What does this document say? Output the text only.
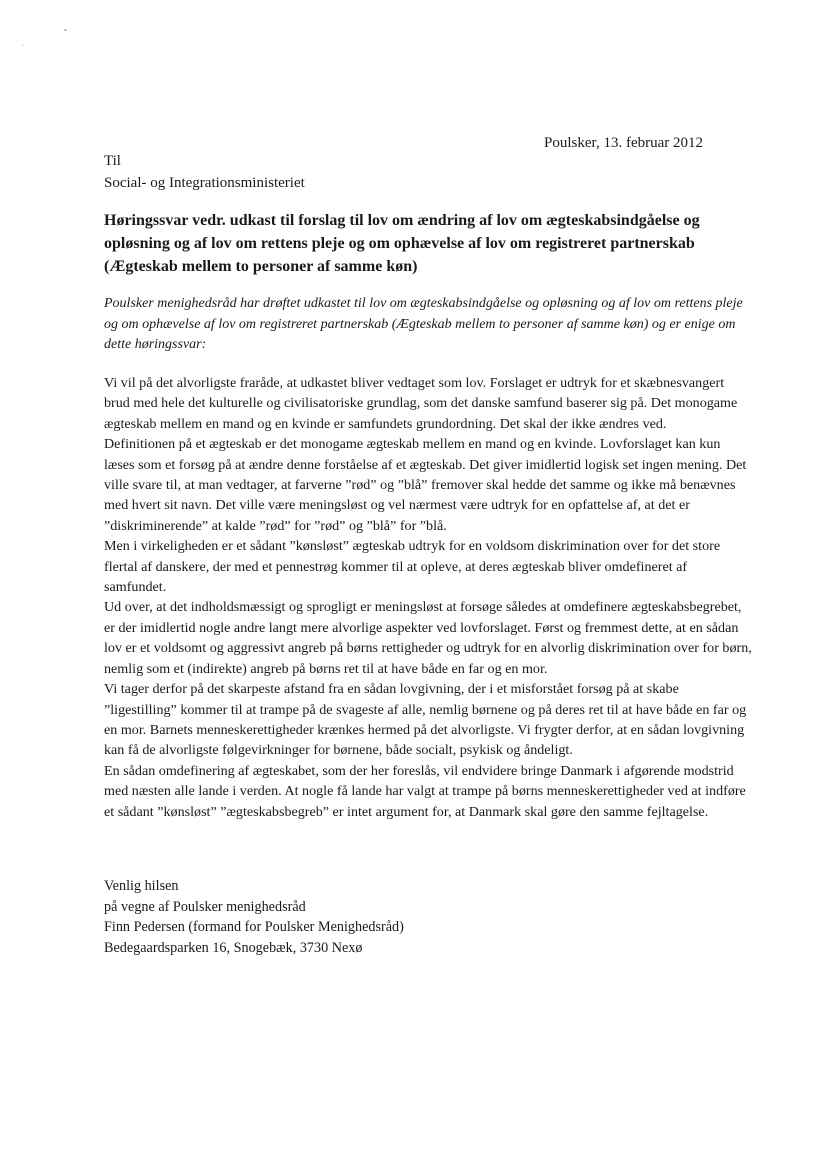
•
ᵕ
Poulsker, 13. februar 2012
Til
Social- og Integrationsministeriet
Høringssvar vedr. udkast til forslag til lov om ændring af lov om ægteskabsindgåelse og opløsning og af lov om rettens pleje og om ophævelse af lov om registreret partnerskab (Ægteskab mellem to personer af samme køn)
Poulsker menighedsråd har drøftet udkastet til lov om ægteskabsindgåelse og opløsning og af lov om rettens pleje og om ophævelse af lov om registreret partnerskab (Ægteskab mellem to personer af samme køn) og er enige om dette høringssvar:

Vi vil på det alvorligste fraråde, at udkastet bliver vedtaget som lov. Forslaget er udtryk for et skæbnesvangert brud med hele det kulturelle og civilisatoriske grundlag, som det danske samfund baserer sig på. Det monogame ægteskab mellem en mand og en kvinde er samfundets grundordning. Det skal der ikke ændres ved.

Definitionen på et ægteskab er det monogame ægteskab mellem en mand og en kvinde. Lovforslaget kan kun læses som et forsøg på at ændre denne forståelse af et ægteskab. Det giver imidlertid logisk set ingen mening. Det ville svare til, at man vedtager, at farverne ”rød” og ”blå” fremover skal hedde det samme og ikke må benævnes med hvert sit navn. Det ville være meningsløst og vel nærmest være udtryk for en opfattelse af, at det er ”diskriminerende” at kalde ”rød” for ”rød” og ”blå” for ”blå.

Men i virkeligheden er et sådant ”kønsløst” ægteskab udtryk for en voldsom diskrimination over for det store flertal af danskere, der med et pennestrøg kommer til at opleve, at deres ægteskab bliver omdefineret af samfundet.

Ud over, at det indholdsmæssigt og sprogligt er meningsløst at forsøge således at omdefinere ægteskabsbegrebet, er der imidlertid nogle andre langt mere alvorlige aspekter ved lovforslaget. Først og fremmest dette, at en sådan lov er et voldsomt og aggressivt angreb på børns rettigheder og udtryk for en alvorlig diskrimination over for børn, nemlig som et (indirekte) angreb på børns ret til at have både en far og en mor.

Vi tager derfor på det skarpeste afstand fra en sådan lovgivning, der i et misforstået forsøg på at skabe ”ligestilling” kommer til at trampe på de svageste af alle, nemlig børnene og på deres ret til at have både en far og en mor. Barnets menneskerettigheder krænkes hermed på det alvorligste. Vi frygter derfor, at en sådan lovgivning kan få de alvorligste følgevirkninger for børnene, både socialt, psykisk og åndeligt.

En sådan omdefinering af ægteskabet, som der her foreslås, vil endvidere bringe Danmark i afgørende modstrid med næsten alle lande i verden. At nogle få lande har valgt at trampe på børns menneskerettigheder ved at indføre et sådant ”kønsløst” ”ægteskabsbegreb” er intet argument for, at Danmark skal gøre den samme fejltagelse.

Venlig hilsen
på vegne af Poulsker menighedsråd
Finn Pedersen (formand for Poulsker Menighedsråd)
Bedegaardsparken 16, Snogebæk, 3730 Nexø
